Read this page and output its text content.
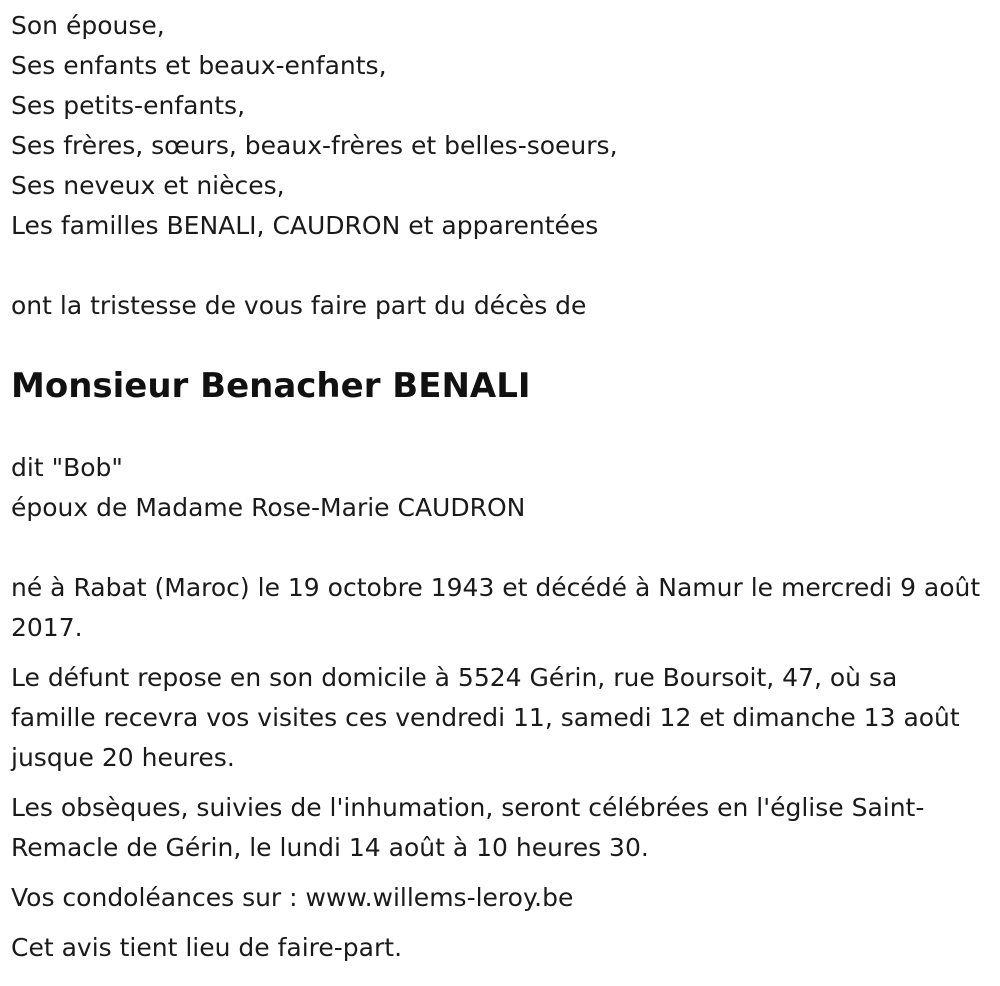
Son épouse,

Ses enfants et beaux-enfants,

Ses petits-enfants,

Ses frères, sœurs, beaux-frères et belles-soeurs,

Ses neveux et nièces,

Les familles BENALI, CAUDRON et apparentées

ont la tristesse de vous faire part du décès de

Monsieur Benacher BENALI

dit "Bob"

époux de Madame Rose-Marie CAUDRON

né à Rabat (Maroc) le 19 octobre 1943 et décédé à Namur le mercredi 9 août 2017.

Le défunt repose en son domicile à 5524 Gérin, rue Boursoit, 47, où sa famille recevra vos visites ces vendredi 11, samedi 12 et dimanche 13 août jusque 20 heures.

Les obsèques, suivies de l'inhumation, seront célébrées en l'église Saint-Remacle de Gérin, le lundi 14 août à 10 heures 30.

Vos condoléances sur : www.willems-leroy.be

Cet avis tient lieu de faire-part.
